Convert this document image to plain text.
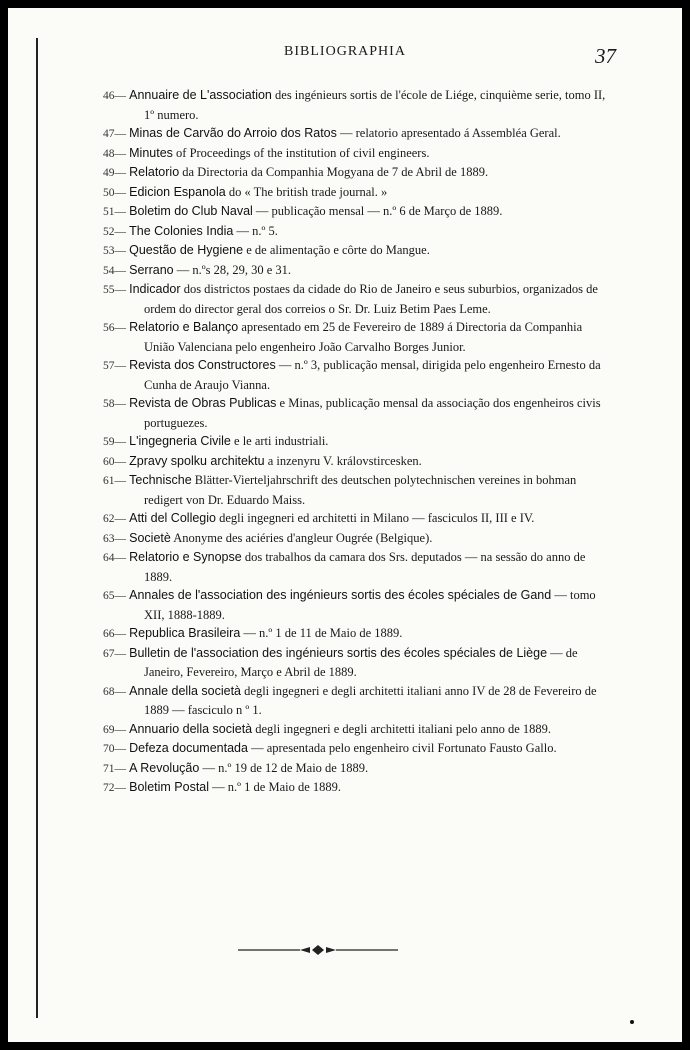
BIBLIOGRAPHIA	37
46— Annuaire de L'association des ingénieurs sortis de l'école de Liége, cinquième serie, tomo II, 1º numero.
47— Minas de Carvão do Arroio dos Ratos — relatorio apresentado á Assembléa Geral.
48— Minutes of Proceedings of the institution of civil engineers.
49— Relatorio da Directoria da Companhia Mogyana de 7 de Abril de 1889.
50— Edicion Espanola do « The british trade journal. »
51— Boletim do Club Naval — publicação mensal — n.º 6 de Março de 1889.
52— The Colonies India — n.º 5.
53— Questão de Hygiene e de alimentação e côrte do Mangue.
54— Serrano — n.ºs 28, 29, 30 e 31.
55— Indicador dos districtos postaes da cidade do Rio de Janeiro e seus suburbios, organizados de ordem do director geral dos correios o Sr. Dr. Luiz Betim Paes Leme.
56— Relatorio e Balanço apresentado em 25 de Fevereiro de 1889 á Directoria da Companhia União Valenciana pelo engenheiro João Carvalho Borges Junior.
57— Revista dos Constructores — n.º 3, publicação mensal, dirigida pelo engenheiro Ernesto da Cunha de Araujo Vianna.
58— Revista de Obras Publicas e Minas, publicação mensal da associação dos engenheiros civis portuguezes.
59— L'ingegneria Civile e le arti industriali.
60— Zpravy spolku architektu a inzenyru V. královstircesken.
61— Technische Blätter-Vierteljahrschrift des deutschen polytechnischen vereines in bohman redigert von Dr. Eduardo Maiss.
62— Atti del Collegio degli ingegneri ed architetti in Milano — fasciculos II, III e IV.
63— Societè Anonyme des aciéries d'angleur Ougrée (Belgique).
64— Relatorio e Synopse dos trabalhos da camara dos Srs. deputados — na sessão do anno de 1889.
65— Annales de l'association des ingénieurs sortis des écoles spéciales de Gand — tomo XII, 1888-1889.
66— Republica Brasileira — n.º 1 de 11 de Maio de 1889.
67— Bulletin de l'association des ingénieurs sortis des écoles spéciales de Liège — de Janeiro, Fevereiro, Março e Abril de 1889.
68— Annale della società degli ingegneri e degli architetti italiani anno IV de 28 de Fevereiro de 1889 — fasciculo n º 1.
69— Annuario della società degli ingegneri e degli architetti italiani pelo anno de 1889.
70— Defeza documentada — apresentada pelo engenheiro civil Fortunato Fausto Gallo.
71— A Revolução — n.º 19 de 12 de Maio de 1889.
72— Boletim Postal — n.º 1 de Maio de 1889.
